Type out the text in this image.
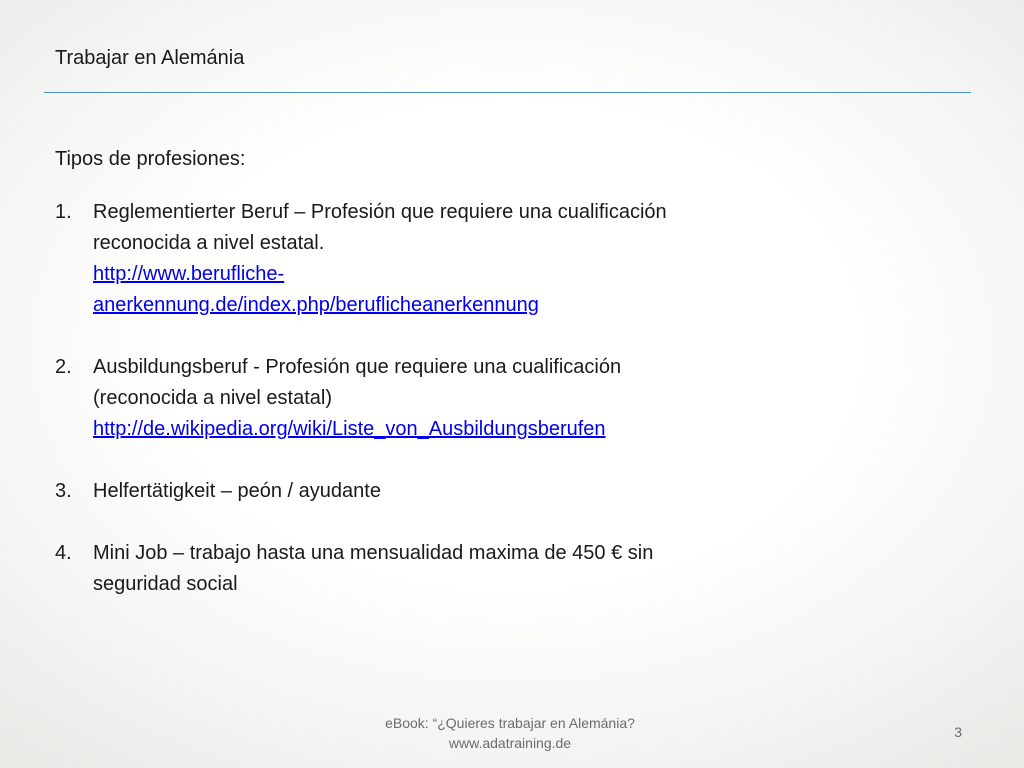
Trabajar en Alemánia

Tipos de profesiones:

1. Reglementierter Beruf – Profesión que requiere una cualificación
reconocida a nivel estatal.
http://www.berufliche-
anerkennung.de/index.php/beruflicheanerkennung
2. Ausbildungsberuf - Profesión que requiere una cualificación
(reconocida a nivel estatal)
http://de.wikipedia.org/wiki/Liste_von_Ausbildungsberufen
3. Helfertätigkeit – peón / ayudante
4. Mini Job – trabajo hasta una mensualidad maxima de 450 € sin
seguridad social
eBook: “¿Quieres trabajar en Alemánia?
www.adatraining.de
3
